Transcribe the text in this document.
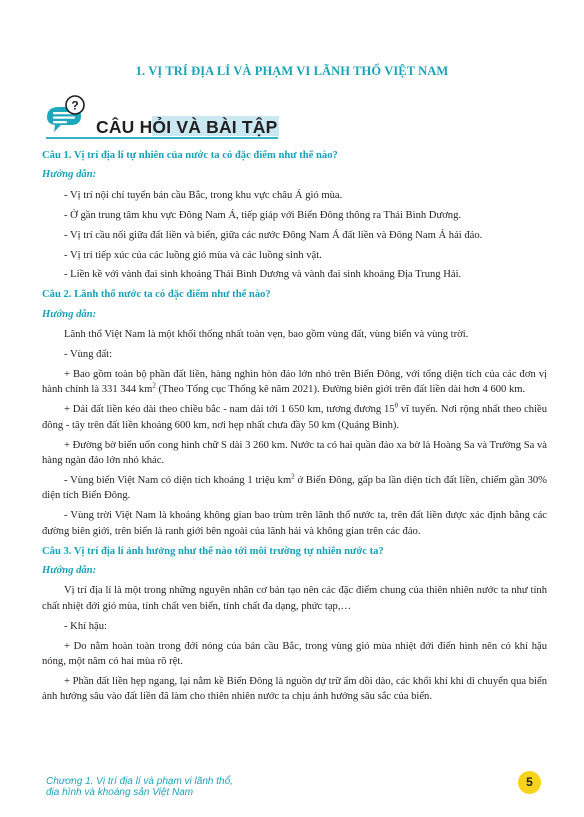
1. VỊ TRÍ ĐỊA LÍ VÀ PHẠM VI LÃNH THỔ VIỆT NAM
?
CÂU HỎI VÀ BÀI TẬP
Câu 1. Vị trí địa lí tự nhiên của nước ta có đặc điểm như thế nào?
Hướng dẫn:
- Vị trí nội chí tuyến bán cầu Bắc, trong khu vực châu Á gió mùa.
- Ở gần trung tâm khu vực Đông Nam Á, tiếp giáp với Biển Đông thông ra Thái Bình Dương.
- Vị trí cầu nối giữa đất liền và biển, giữa các nước Đông Nam Á đất liền và Đông Nam Á hải đảo.
- Vị trí tiếp xúc của các luồng gió mùa và các luồng sinh vật.
- Liền kề với vành đai sinh khoáng Thái Bình Dương và vành đai sinh khoáng Địa Trung Hải.
Câu 2. Lãnh thổ nước ta có đặc điểm như thế nào?
Hướng dẫn:
Lãnh thổ Việt Nam là một khối thống nhất toàn vẹn, bao gồm vùng đất, vùng biển và vùng trời.
- Vùng đất:
+ Bao gồm toàn bộ phần đất liền, hàng nghìn hòn đảo lớn nhỏ trên Biển Đông, với tổng diện tích của các đơn vị hành chính là 331 344 $km^2$ (Theo Tổng cục Thống kê năm 2021). Đường biên giới trên đất liền dài hơn 4 600 km.
+ Dải đất liền kéo dài theo chiều bắc - nam dài tới 1 650 km, tương đương $15^0$ vĩ tuyến. Nơi rộng nhất theo chiều đông - tây trên đất liền khoảng 600 km, nơi hẹp nhất chưa đầy 50 km (Quảng Bình).
+ Đường bờ biển uốn cong hình chữ S dài 3 260 km. Nước ta có hai quần đảo xa bờ là Hoàng Sa và Trường Sa và hàng ngàn đảo lớn nhỏ khác.
- Vùng biển Việt Nam có diện tích khoảng 1 triệu $km^2$ ở Biển Đông, gấp ba lần diện tích đất liền, chiếm gần 30% diện tích Biển Đông.
- Vùng trời Việt Nam là khoảng không gian bao trùm trên lãnh thổ nước ta, trên đất liền được xác định bằng các đường biên giới, trên biển là ranh giới bên ngoài của lãnh hải và không gian trên các đảo.
Câu 3. Vị trí địa lí ảnh hưởng như thế nào tới môi trường tự nhiên nước ta?
Hướng dẫn:
Vị trí địa lí là một trong những nguyên nhân cơ bản tạo nên các đặc điểm chung của thiên nhiên nước ta như tính chất nhiệt đới gió mùa, tính chất ven biển, tính chất đa dạng, phức tạp,…
- Khí hậu:
+ Do nằm hoàn toàn trong đới nóng của bán cầu Bắc, trong vùng gió mùa nhiệt đới điển hình nên có khí hậu nóng, một năm có hai mùa rõ rệt.
+ Phần đất liền hẹp ngang, lại nằm kề Biển Đông là nguồn dự trữ ẩm dồi dào, các khối khí khi di chuyển qua biển ảnh hưởng sâu vào đất liền đã làm cho thiên nhiên nước ta chịu ảnh hưởng sâu sắc của biển.
Chương 1. Vị trí địa lí và phạm vi lãnh thổ,
địa hình và khoáng sản Việt Nam
5
